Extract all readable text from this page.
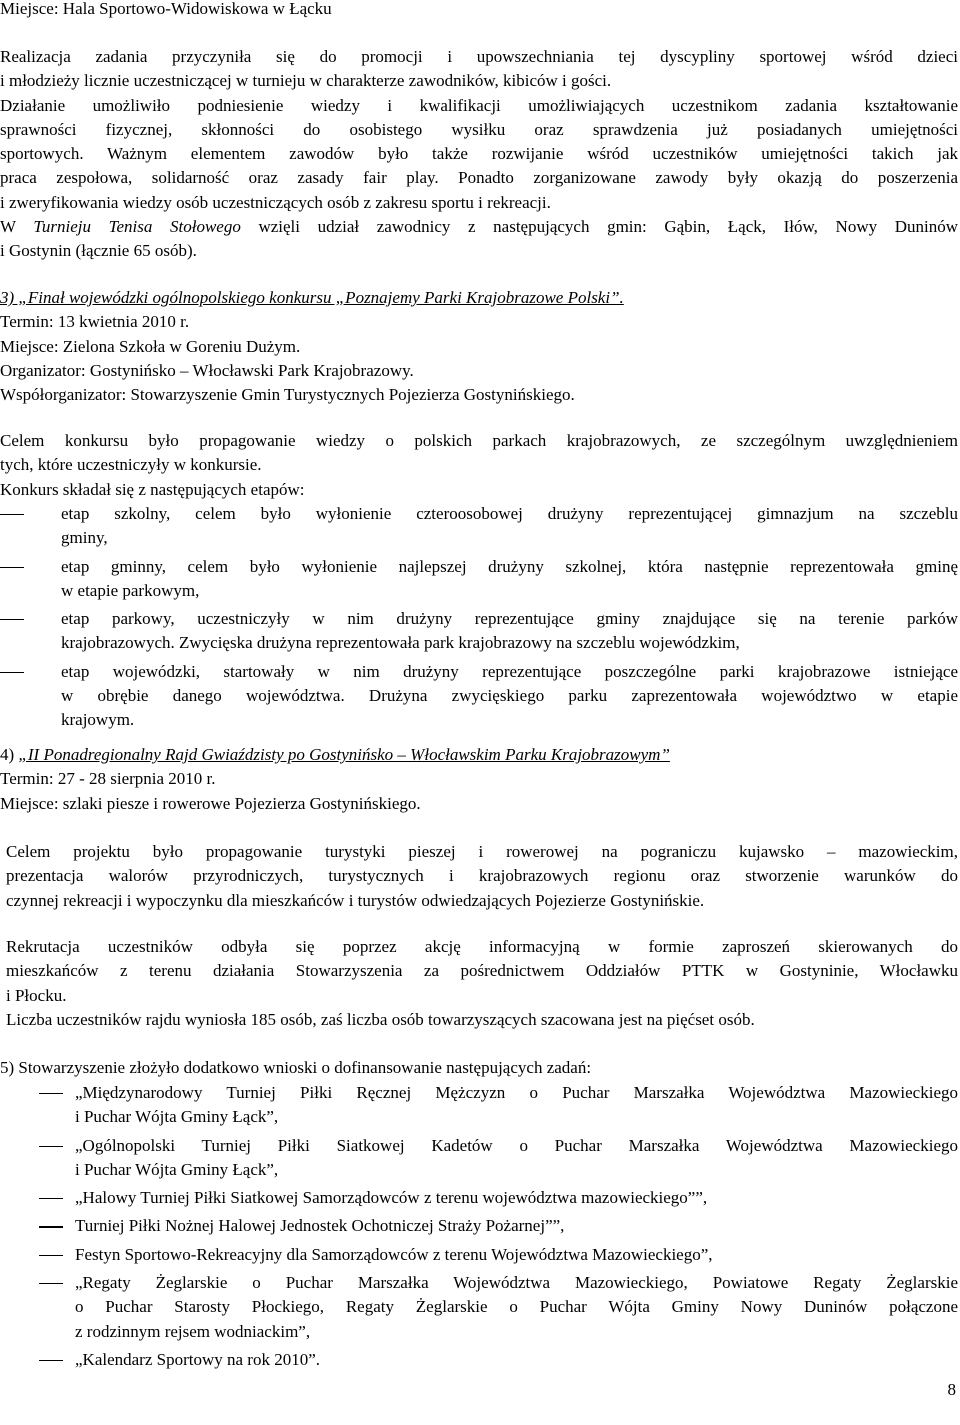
Miejsce: Hala Sportowo-Widowiskowa w Łącku
Realizacja zadania przyczyniła się do promocji i upowszechniania tej dyscypliny sportowej wśród dzieci
i młodzieży licznie uczestniczącej w turnieju w charakterze zawodników, kibiców i gości.
Działanie umożliwiło podniesienie wiedzy i kwalifikacji umożliwiających uczestnikom zadania kształtowanie
sprawności fizycznej, skłonności do osobistego wysiłku oraz sprawdzenia już posiadanych umiejętności
sportowych. Ważnym elementem zawodów było także rozwijanie wśród uczestników umiejętności takich jak
praca zespołowa, solidarność oraz zasady fair play. Ponadto zorganizowane zawody były okazją do poszerzenia
i zweryfikowania wiedzy osób uczestniczących osób z zakresu sportu i rekreacji.
W Turnieju Tenisa Stołowego wzięli udział zawodnicy z następujących gmin: Gąbin, Łąck, Iłów, Nowy Duninów
i Gostynin (łącznie 65 osób).
3) „Finał wojewódzki ogólnopolskiego konkursu „Poznajemy Parki Krajobrazowe Polski”.
Termin: 13 kwietnia 2010 r.
Miejsce: Zielona Szkoła w Goreniu Dużym.
Organizator: Gostynińsko – Włocławski Park Krajobrazowy.
Współorganizator: Stowarzyszenie Gmin Turystycznych Pojezierza Gostynińskiego.
Celem konkursu było propagowanie wiedzy o polskich parkach krajobrazowych, ze szczególnym uwzględnieniem
tych, które uczestniczyły w konkursie.
Konkurs składał się z następujących etapów:
etap szkolny, celem było wyłonienie czteroosobowej drużyny reprezentującej gimnazjum na szczeblu
gminy,
etap gminny, celem było wyłonienie najlepszej drużyny szkolnej, która następnie reprezentowała gminę
w etapie parkowym,
etap parkowy, uczestniczyły w nim drużyny reprezentujące gminy znajdujące się na terenie parków
krajobrazowych. Zwycięska drużyna reprezentowała park krajobrazowy na szczeblu wojewódzkim,
etap wojewódzki, startowały w nim drużyny reprezentujące poszczególne parki krajobrazowe istniejące
w obrębie danego województwa. Drużyna zwycięskiego parku zaprezentowała województwo w etapie
krajowym.
4) „II Ponadregionalny Rajd Gwiaździsty po Gostynińsko – Włocławskim Parku Krajobrazowym”
Termin: 27 - 28 sierpnia 2010 r.
Miejsce: szlaki piesze i rowerowe Pojezierza Gostynińskiego.
Celem projektu było propagowanie turystyki pieszej i rowerowej na pograniczu kujawsko – mazowieckim,
prezentacja walorów przyrodniczych, turystycznych i krajobrazowych regionu oraz stworzenie warunków do
czynnej rekreacji i wypoczynku dla mieszkańców i turystów odwiedzających Pojezierze Gostynińskie.
Rekrutacja uczestników odbyła się poprzez akcję informacyjną w formie zaproszeń skierowanych do
mieszkańców z terenu działania Stowarzyszenia za pośrednictwem Oddziałów PTTK w Gostyninie, Włocławku
i Płocku.
Liczba uczestników rajdu wyniosła 185 osób, zaś liczba osób towarzyszących szacowana jest na pięćset osób.
5) Stowarzyszenie złożyło dodatkowo wnioski o dofinansowanie następujących zadań:
„Międzynarodowy Turniej Piłki Ręcznej Mężczyzn o Puchar Marszałka Województwa Mazowieckiego
i Puchar Wójta Gminy Łąck”,
„Ogólnopolski Turniej Piłki Siatkowej Kadetów o Puchar Marszałka Województwa Mazowieckiego
i Puchar Wójta Gminy Łąck”,
„Halowy Turniej Piłki Siatkowej Samorządowców z terenu województwa mazowieckiego””,
Turniej Piłki Nożnej Halowej Jednostek Ochotniczej Straży Pożarnej””,
Festyn Sportowo-Rekreacyjny dla Samorządowców z terenu Województwa Mazowieckiego”,
„Regaty Żeglarskie o Puchar Marszałka Województwa Mazowieckiego, Powiatowe Regaty Żeglarskie
o Puchar Starosty Płockiego, Regaty Żeglarskie o Puchar Wójta Gminy Nowy Duninów połączone
z rodzinnym rejsem wodniackim”,
„Kalendarz Sportowy na rok 2010”.
8
